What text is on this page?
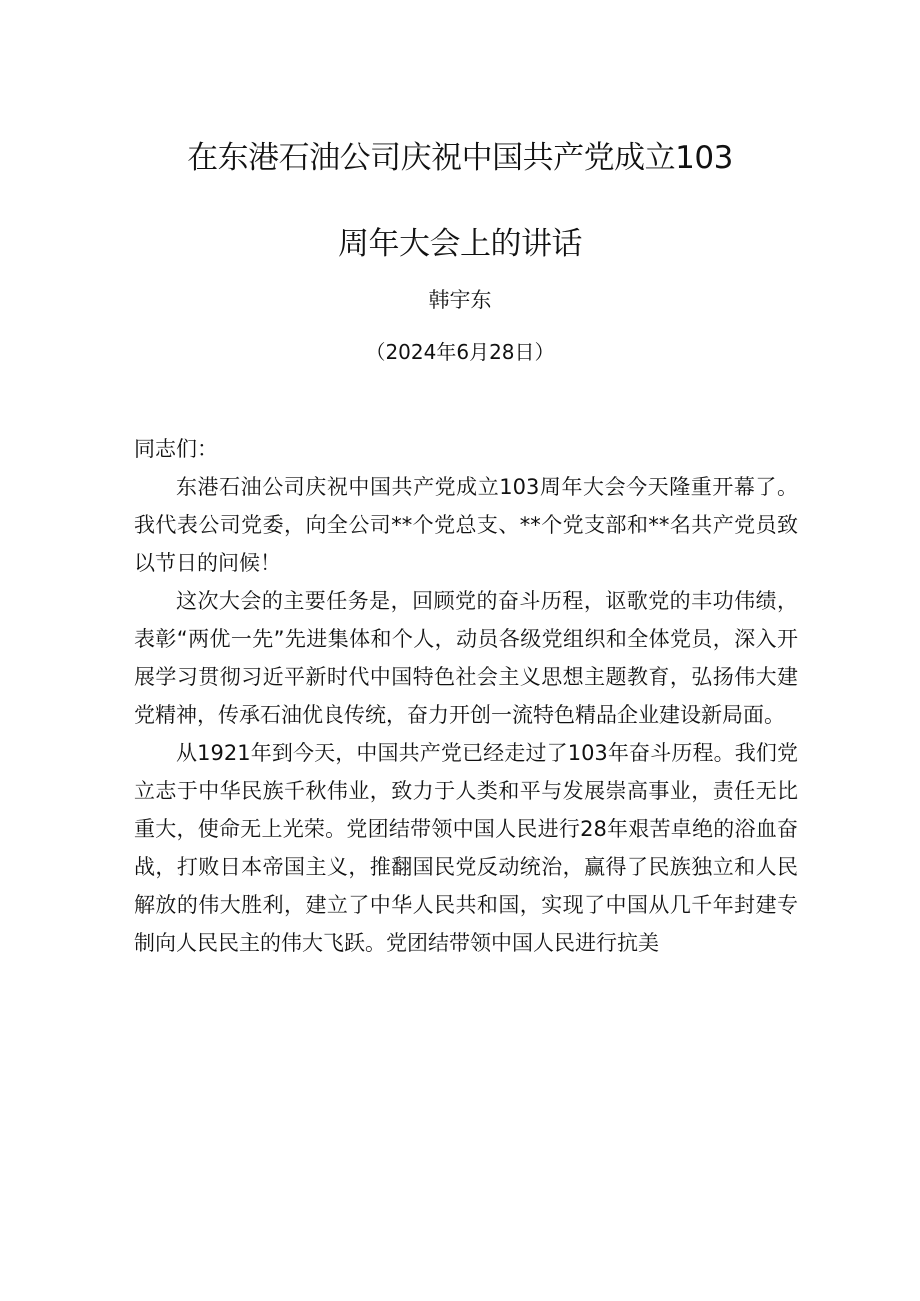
在东港石油公司庆祝中国共产党成立103
周年大会上的讲话
韩宇东
（2024年6月28日）

同志们：

东港石油公司庆祝中国共产党成立103周年大会今天隆重开幕了。我代表公司党委，向全公司**个党总支、**个党支部和**名共产党员致以节日的问候！

这次大会的主要任务是，回顾党的奋斗历程，讴歌党的丰功伟绩，表彰“两优一先”先进集体和个人，动员各级党组织和全体党员，深入开展学习贯彻习近平新时代中国特色社会主义思想主题教育，弘扬伟大建党精神，传承石油优良传统，奋力开创一流特色精品企业建设新局面。

从1921年到今天，中国共产党已经走过了103年奋斗历程。我们党立志于中华民族千秋伟业，致力于人类和平与发展崇高事业，责任无比重大，使命无上光荣。党团结带领中国人民进行28年艰苦卓绝的浴血奋战，打败日本帝国主义，推翻国民党反动统治，赢得了民族独立和人民解放的伟大胜利，建立了中华人民共和国，实现了中国从几千年封建专制向人民民主的伟大飞跃。党团结带领中国人民进行抗美
